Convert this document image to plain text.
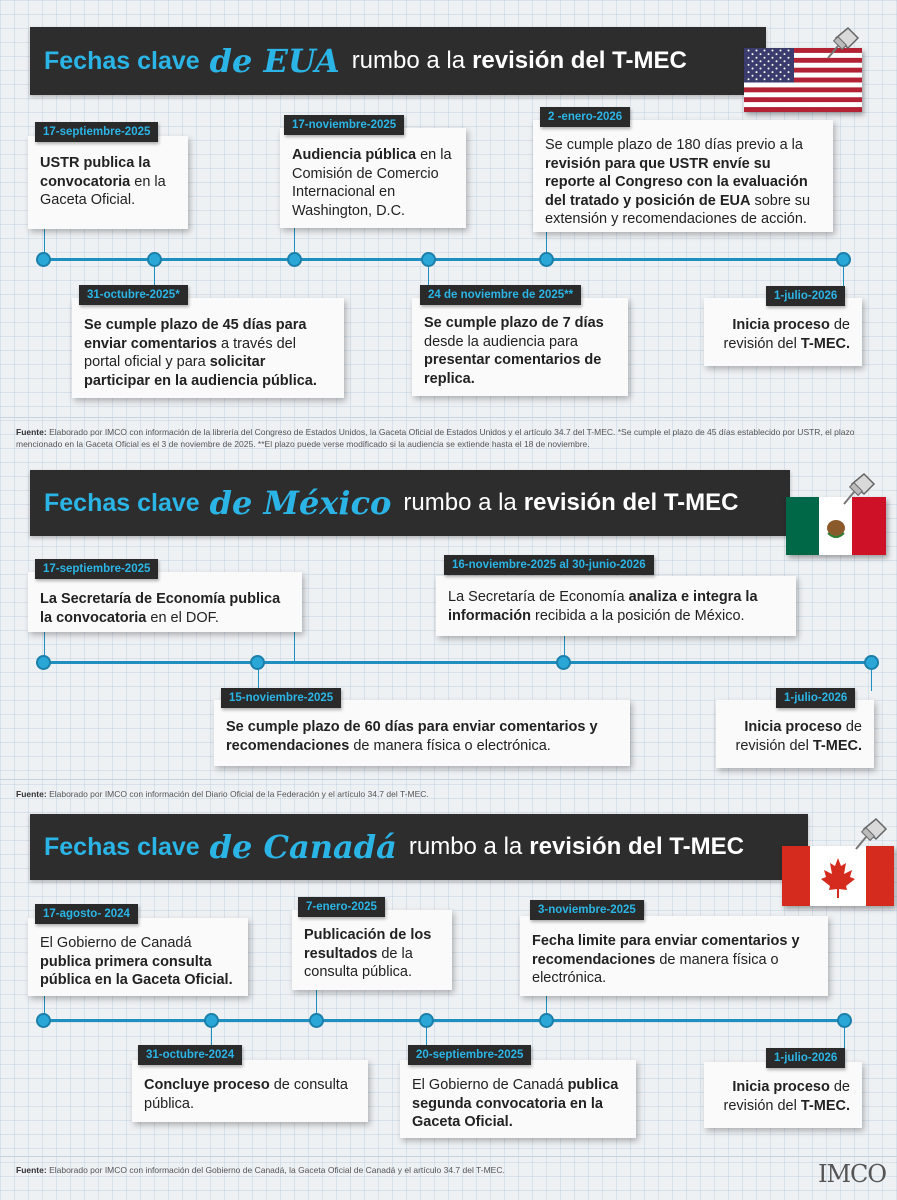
Fechas clave de EUA rumbo a la revisión del T-MEC
USTR publica la convocatoria en la Gaceta Oficial.
17-septiembre-2025
Se cumple plazo de 45 días para enviar comentarios a través del portal oficial y para solicitar participar en la audiencia pública.
31-octubre-2025*
Audiencia pública en la Comisión de Comercio Internacional en Washington, D.C.
17-noviembre-2025
Se cumple plazo de 7 días desde la audiencia para presentar comentarios de replica.
24 de noviembre de 2025**
Se cumple plazo de 180 días previo a la revisión para que USTR envíe su reporte al Congreso con la evaluación del tratado y posición de EUA sobre su extensión y recomendaciones de acción.
2 -enero-2026
Inicia proceso de revisión del T-MEC.
1-julio-2026
Fuente: Elaborado por IMCO con información de la librería del Congreso de Estados Unidos, la Gaceta Oficial de Estados Unidos y el artículo 34.7 del T-MEC. *Se cumple el plazo de 45 días establecido por USTR, el plazo mencionado en la Gaceta Oficial es el 3 de noviembre de 2025. **El plazo puede verse modificado si la audiencia se extiende hasta el 18 de noviembre.
Fechas clave de México rumbo a la revisión del T-MEC
La Secretaría de Economía publica la convocatoria en el DOF.
17-septiembre-2025
Se cumple plazo de 60 días para enviar comentarios y recomendaciones de manera física o electrónica.
15-noviembre-2025
La Secretaría de Economía analiza e integra la información recibida a la posición de México.
16-noviembre-2025 al 30-junio-2026
Inicia proceso de revisión del T-MEC.
1-julio-2026
Fuente: Elaborado por IMCO con información del Diario Oficial de la Federación y el artículo 34.7 del T-MEC.
Fechas clave de Canadá rumbo a la revisión del T-MEC
El Gobierno de Canadá publica primera consulta pública en la Gaceta Oficial.
17-agosto- 2024
Concluye proceso de consulta pública.
31-octubre-2024
Publicación de los resultados de la consulta pública.
7-enero-2025
El Gobierno de Canadá publica segunda convocatoria en la Gaceta Oficial.
20-septiembre-2025
Fecha limite para enviar comentarios y recomendaciones de manera física o electrónica.
3-noviembre-2025
Inicia proceso de revisión del T-MEC.
1-julio-2026
Fuente: Elaborado por IMCO con información del Gobierno de Canadá, la Gaceta Oficial de Canadá y el artículo 34.7 del T-MEC.	IMCO
